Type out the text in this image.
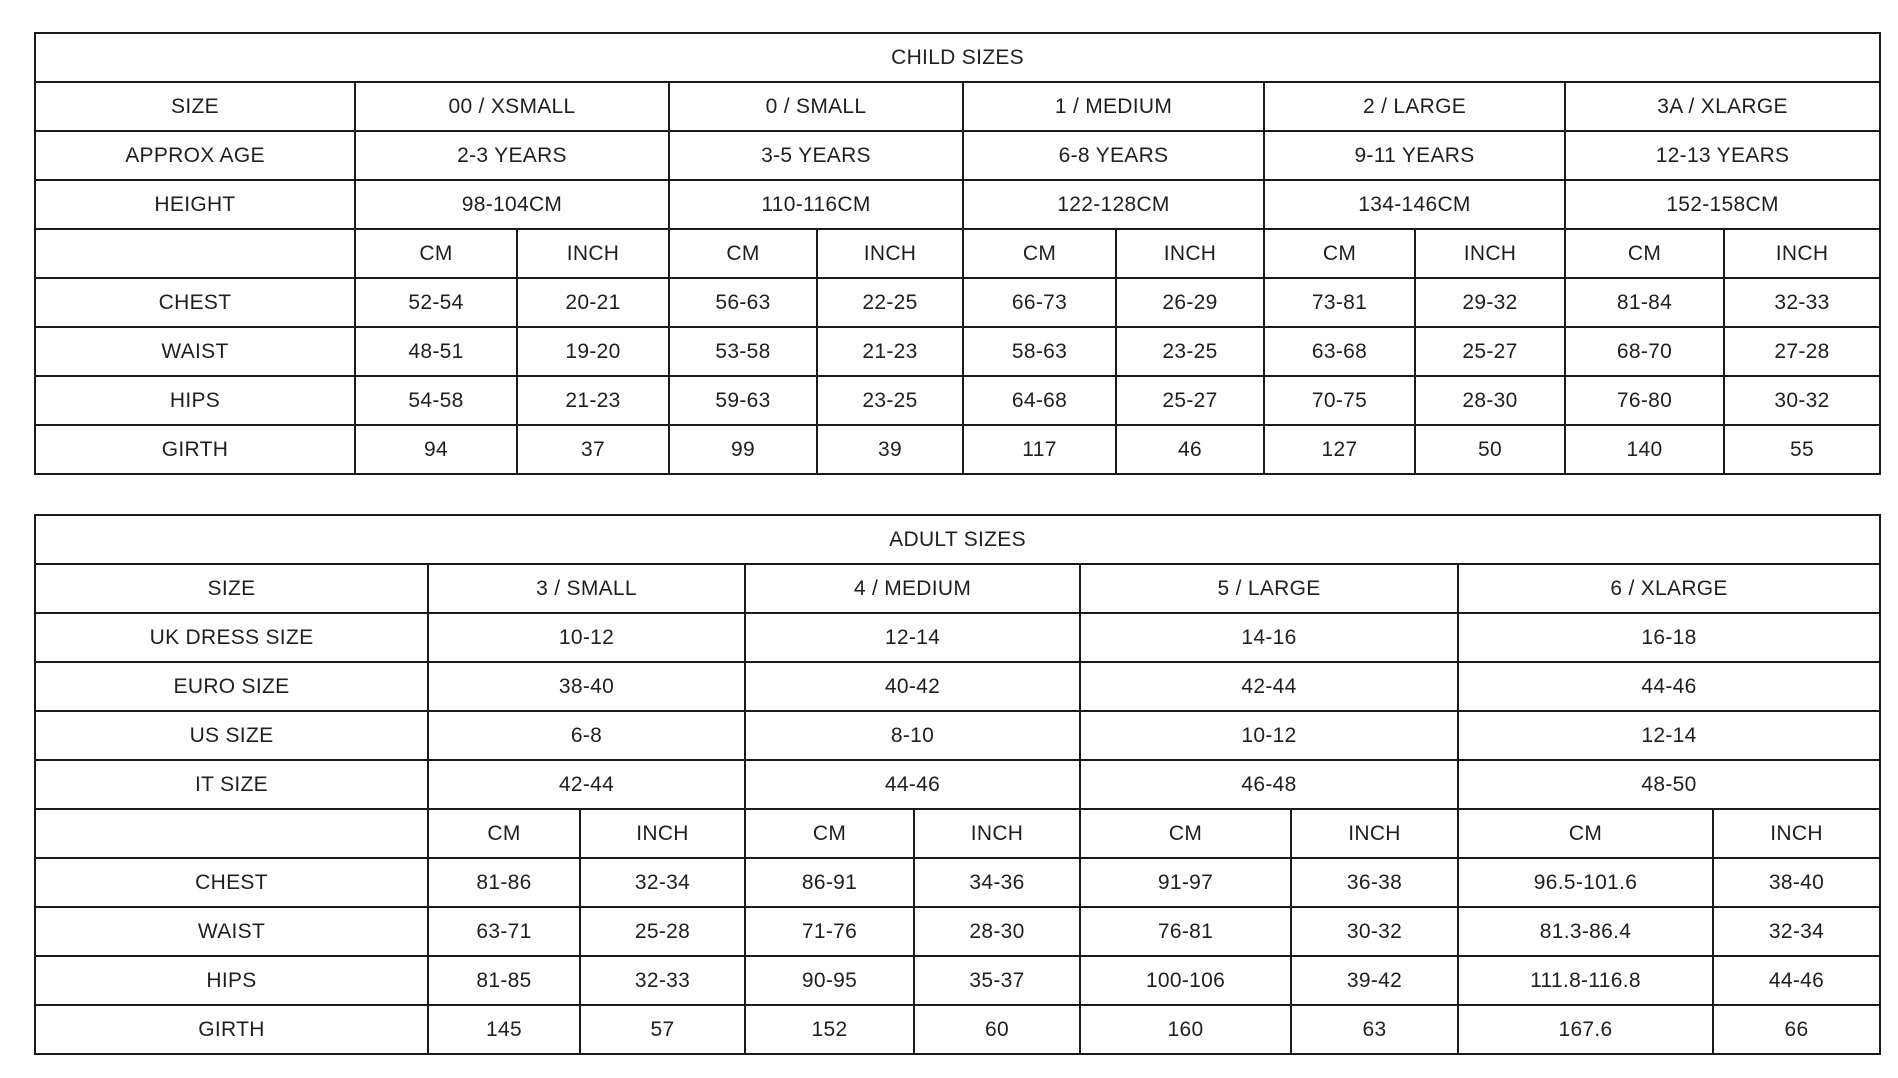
CHILD SIZES										
SIZE	00 / XSMALL		0 / SMALL		1 / MEDIUM		2 / LARGE		3A / XLARGE	
APPROX AGE	2-3 YEARS		3-5 YEARS		6-8 YEARS		9-11 YEARS		12-13 YEARS	
HEIGHT	98-104CM		110-116CM		122-128CM		134-146CM		152-158CM	
	CM	INCH	CM	INCH	CM	INCH	CM	INCH	CM	INCH
CHEST	52-54	20-21	56-63	22-25	66-73	26-29	73-81	29-32	81-84	32-33
WAIST	48-51	19-20	53-58	21-23	58-63	23-25	63-68	25-27	68-70	27-28
HIPS	54-58	21-23	59-63	23-25	64-68	25-27	70-75	28-30	76-80	30-32
GIRTH	94	37	99	39	117	46	127	50	140	55
ADULT SIZES								
SIZE	3 / SMALL		4 / MEDIUM		5 / LARGE		6 / XLARGE	
UK DRESS SIZE	10-12		12-14		14-16		16-18	
EURO SIZE	38-40		40-42		42-44		44-46	
US SIZE	6-8		8-10		10-12		12-14	
IT SIZE	42-44		44-46		46-48		48-50	
	CM	INCH	CM	INCH	CM	INCH	CM	INCH
CHEST	81-86	32-34	86-91	34-36	91-97	36-38	96.5-101.6	38-40
WAIST	63-71	25-28	71-76	28-30	76-81	30-32	81.3-86.4	32-34
HIPS	81-85	32-33	90-95	35-37	100-106	39-42	111.8-116.8	44-46
GIRTH	145	57	152	60	160	63	167.6	66
